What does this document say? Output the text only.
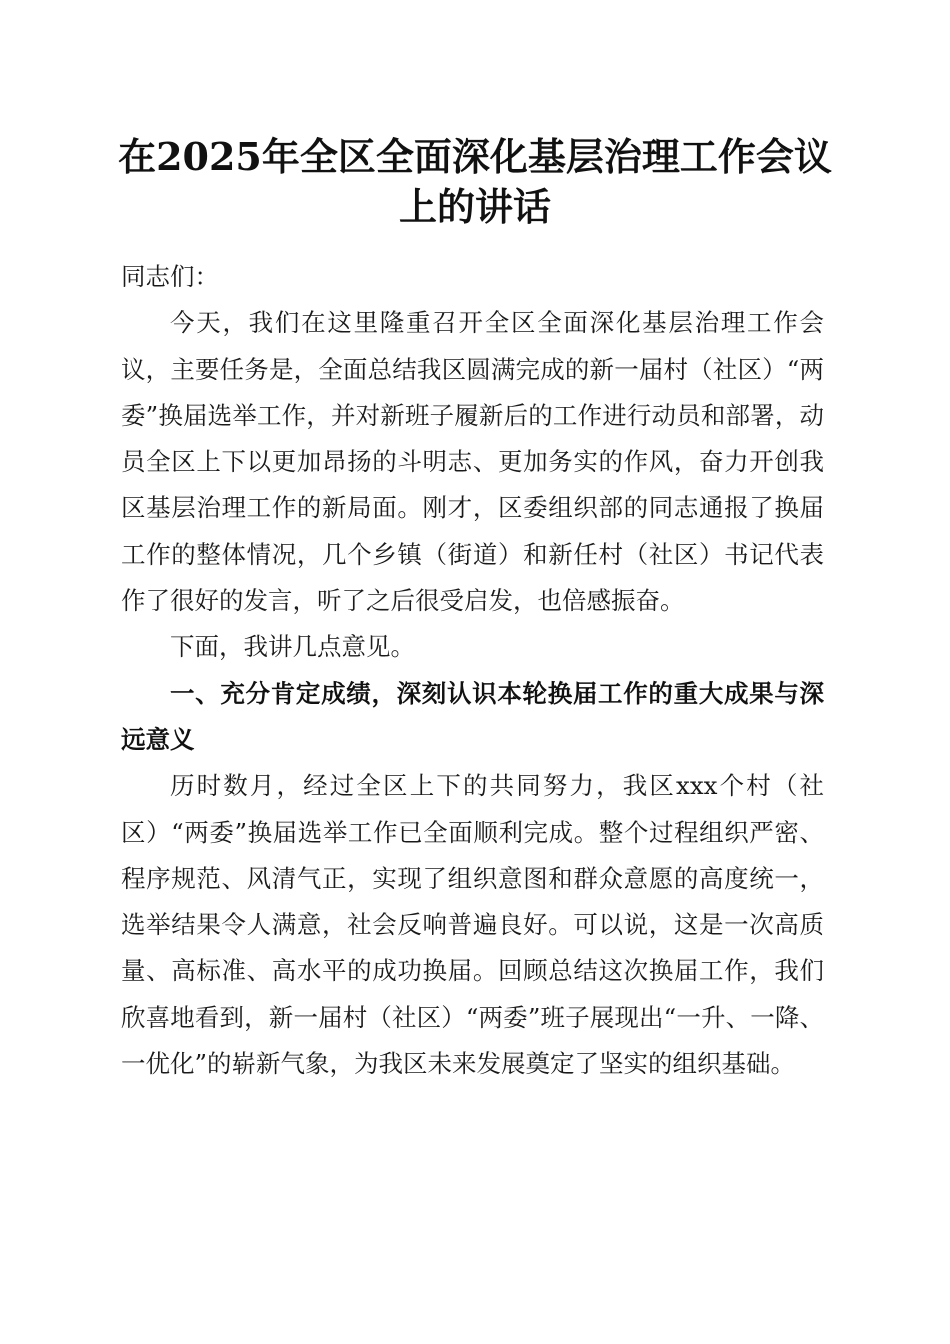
在2025年全区全面深化基层治理工作会议上的讲话

同志们：

今天，我们在这里隆重召开全区全面深化基层治理工作会议，主要任务是，全面总结我区圆满完成的新一届村（社区）“两委”换届选举工作，并对新班子履新后的工作进行动员和部署，动员全区上下以更加昂扬的斗明志、更加务实的作风，奋力开创我区基层治理工作的新局面。刚才，区委组织部的同志通报了换届工作的整体情况，几个乡镇（街道）和新任村（社区）书记代表作了很好的发言，听了之后很受启发，也倍感振奋。

下面，我讲几点意见。

一、充分肯定成绩，深刻认识本轮换届工作的重大成果与深远意义

历时数月，经过全区上下的共同努力，我区xxx个村（社区）“两委”换届选举工作已全面顺利完成。整个过程组织严密、程序规范、风清气正，实现了组织意图和群众意愿的高度统一，选举结果令人满意，社会反响普遍良好。可以说，这是一次高质量、高标准、高水平的成功换届。回顾总结这次换届工作，我们欣喜地看到，新一届村（社区）“两委”班子展现出“一升、一降、一优化”的崭新气象，为我区未来发展奠定了坚实的组织基础。
